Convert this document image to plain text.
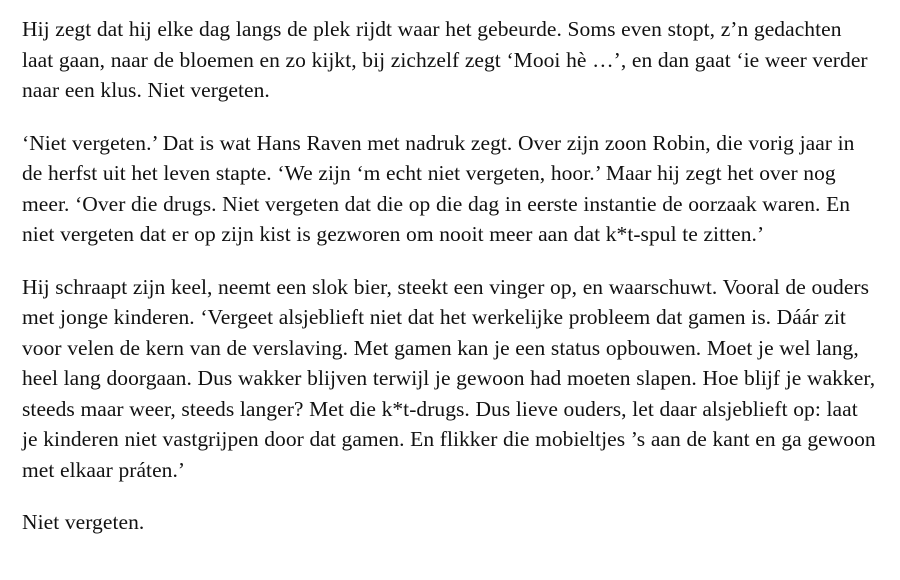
Hij zegt dat hij elke dag langs de plek rijdt waar het gebeurde. Soms even stopt, z’n gedachten laat gaan, naar de bloemen en zo kijkt, bij zichzelf zegt ‘Mooi hè …’, en dan gaat ‘ie weer verder naar een klus. Niet vergeten.

‘Niet vergeten.’ Dat is wat Hans Raven met nadruk zegt. Over zijn zoon Robin, die vorig jaar in de herfst uit het leven stapte. ‘We zijn ‘m echt niet vergeten, hoor.’ Maar hij zegt het over nog meer. ‘Over die drugs. Niet vergeten dat die op die dag in eerste instantie de oorzaak waren. En niet vergeten dat er op zijn kist is gezworen om nooit meer aan dat k*t-spul te zitten.’

Hij schraapt zijn keel, neemt een slok bier, steekt een vinger op, en waarschuwt. Vooral de ouders met jonge kinderen. ‘Vergeet alsjeblieft niet dat het werkelijke probleem dat gamen is. Dáár zit voor velen de kern van de verslaving. Met gamen kan je een status opbouwen. Moet je wel lang, heel lang doorgaan. Dus wakker blijven terwijl je gewoon had moeten slapen. Hoe blijf je wakker, steeds maar weer, steeds langer? Met die k*t-drugs. Dus lieve ouders, let daar alsjeblieft op: laat je kinderen niet vastgrijpen door dat gamen. En flikker die mobieltjes ’s aan de kant en ga gewoon met elkaar práten.’

Niet vergeten.
